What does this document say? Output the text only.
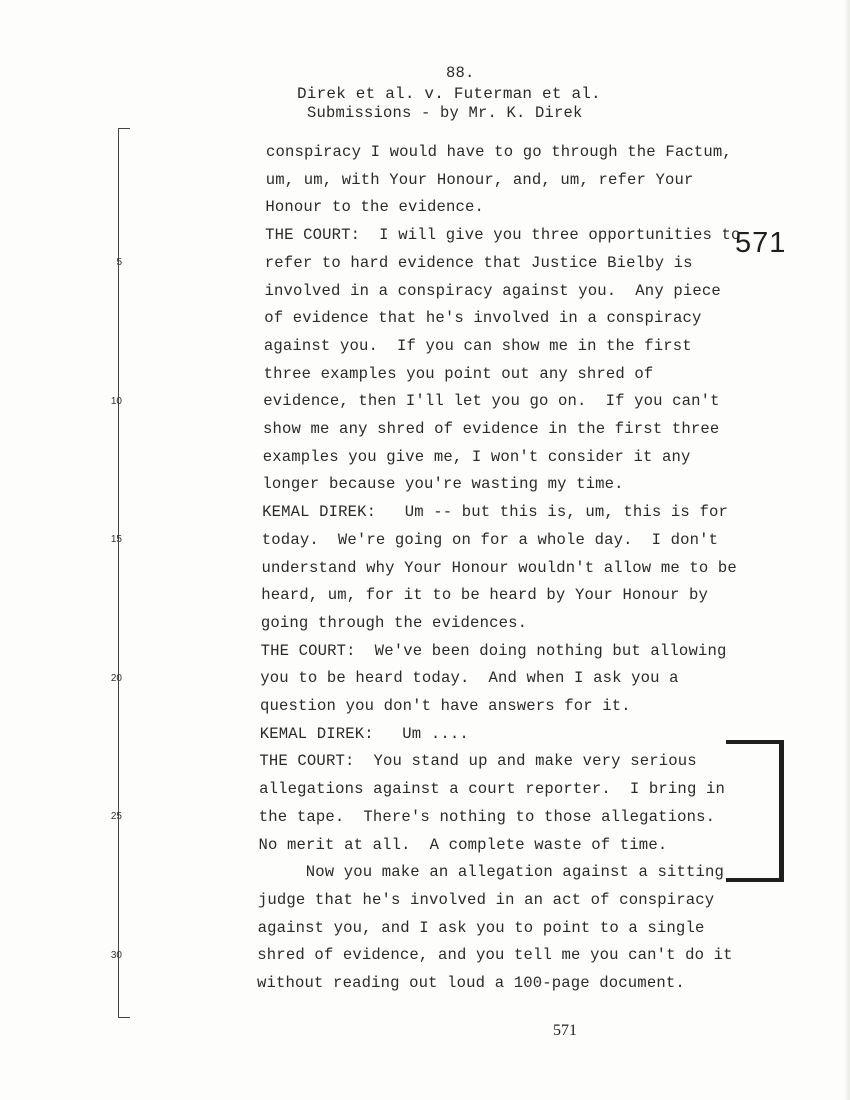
88.
Direk et al. v. Futerman et al.
Submissions - by Mr. K. Direk
5
10
15
20
25
30
conspiracy I would have to go through the Factum,
um, um, with Your Honour, and, um, refer Your
Honour to the evidence.
THE COURT:  I will give you three opportunities to
refer to hard evidence that Justice Bielby is
involved in a conspiracy against you.  Any piece
of evidence that he's involved in a conspiracy
against you.  If you can show me in the first
three examples you point out any shred of
evidence, then I'll let you go on.  If you can't
show me any shred of evidence in the first three
examples you give me, I won't consider it any
longer because you're wasting my time.
KEMAL DIREK:   Um -- but this is, um, this is for
today.  We're going on for a whole day.  I don't
understand why Your Honour wouldn't allow me to be
heard, um, for it to be heard by Your Honour by
going through the evidences.
THE COURT:  We've been doing nothing but allowing
you to be heard today.  And when I ask you a
question you don't have answers for it.
KEMAL DIREK:   Um ....
THE COURT:  You stand up and make very serious
allegations against a court reporter.  I bring in
the tape.  There's nothing to those allegations.
No merit at all.  A complete waste of time.
Now you make an allegation against a sitting
judge that he's involved in an act of conspiracy
against you, and I ask you to point to a single
shred of evidence, and you tell me you can't do it
without reading out loud a 100-page document.
571
571
